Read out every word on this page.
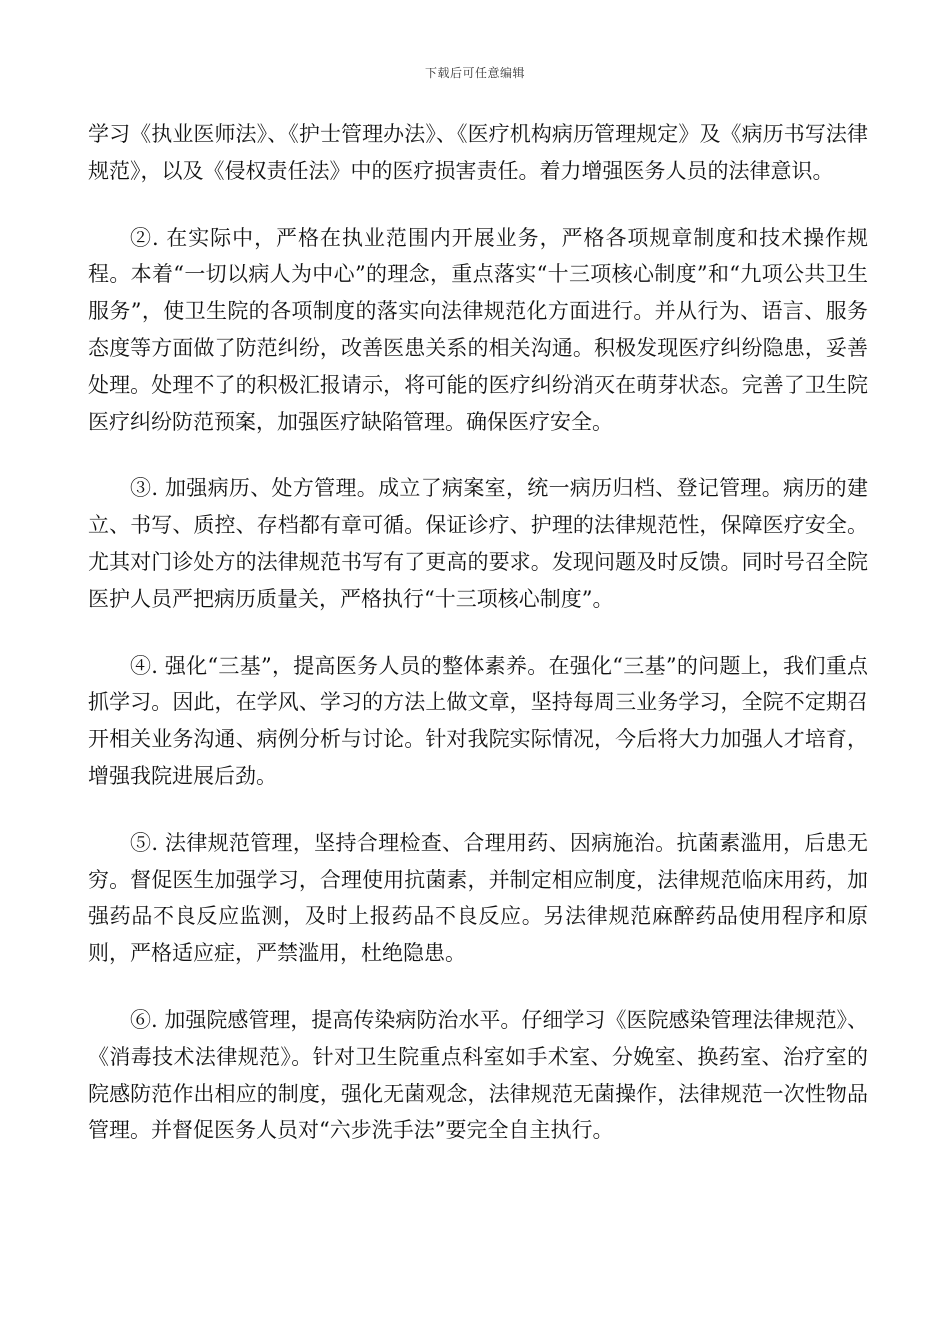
下载后可任意编辑

学习《执业医师法》、《护士管理办法》、《医疗机构病历管理规定》及《病历书写法律规范》，以及《侵权责任法》中的医疗损害责任。着力增强医务人员的法律意识。

②. 在实际中，严格在执业范围内开展业务，严格各项规章制度和技术操作规程。本着“一切以病人为中心”的理念，重点落实“十三项核心制度”和“九项公共卫生服务”，使卫生院的各项制度的落实向法律规范化方面进行。并从行为、语言、服务态度等方面做了防范纠纷，改善医患关系的相关沟通。积极发现医疗纠纷隐患，妥善处理。处理不了的积极汇报请示，将可能的医疗纠纷消灭在萌芽状态。完善了卫生院医疗纠纷防范预案，加强医疗缺陷管理。确保医疗安全。

③. 加强病历、处方管理。成立了病案室，统一病历归档、登记管理。病历的建立、书写、质控、存档都有章可循。保证诊疗、护理的法律规范性，保障医疗安全。尤其对门诊处方的法律规范书写有了更高的要求。发现问题及时反馈。同时号召全院医护人员严把病历质量关，严格执行“十三项核心制度”。

④. 强化“三基”，提高医务人员的整体素养。在强化“三基”的问题上，我们重点抓学习。因此，在学风、学习的方法上做文章，坚持每周三业务学习，全院不定期召开相关业务沟通、病例分析与讨论。针对我院实际情况，今后将大力加强人才培育，增强我院进展后劲。

⑤. 法律规范管理，坚持合理检查、合理用药、因病施治。抗菌素滥用，后患无穷。督促医生加强学习，合理使用抗菌素，并制定相应制度，法律规范临床用药，加强药品不良反应监测，及时上报药品不良反应。另法律规范麻醉药品使用程序和原则，严格适应症，严禁滥用，杜绝隐患。

⑥. 加强院感管理，提高传染病防治水平。仔细学习《医院感染管理法律规范》、《消毒技术法律规范》。针对卫生院重点科室如手术室、分娩室、换药室、治疗室的院感防范作出相应的制度，强化无菌观念，法律规范无菌操作，法律规范一次性物品管理。并督促医务人员对“六步洗手法”要完全自主执行。
